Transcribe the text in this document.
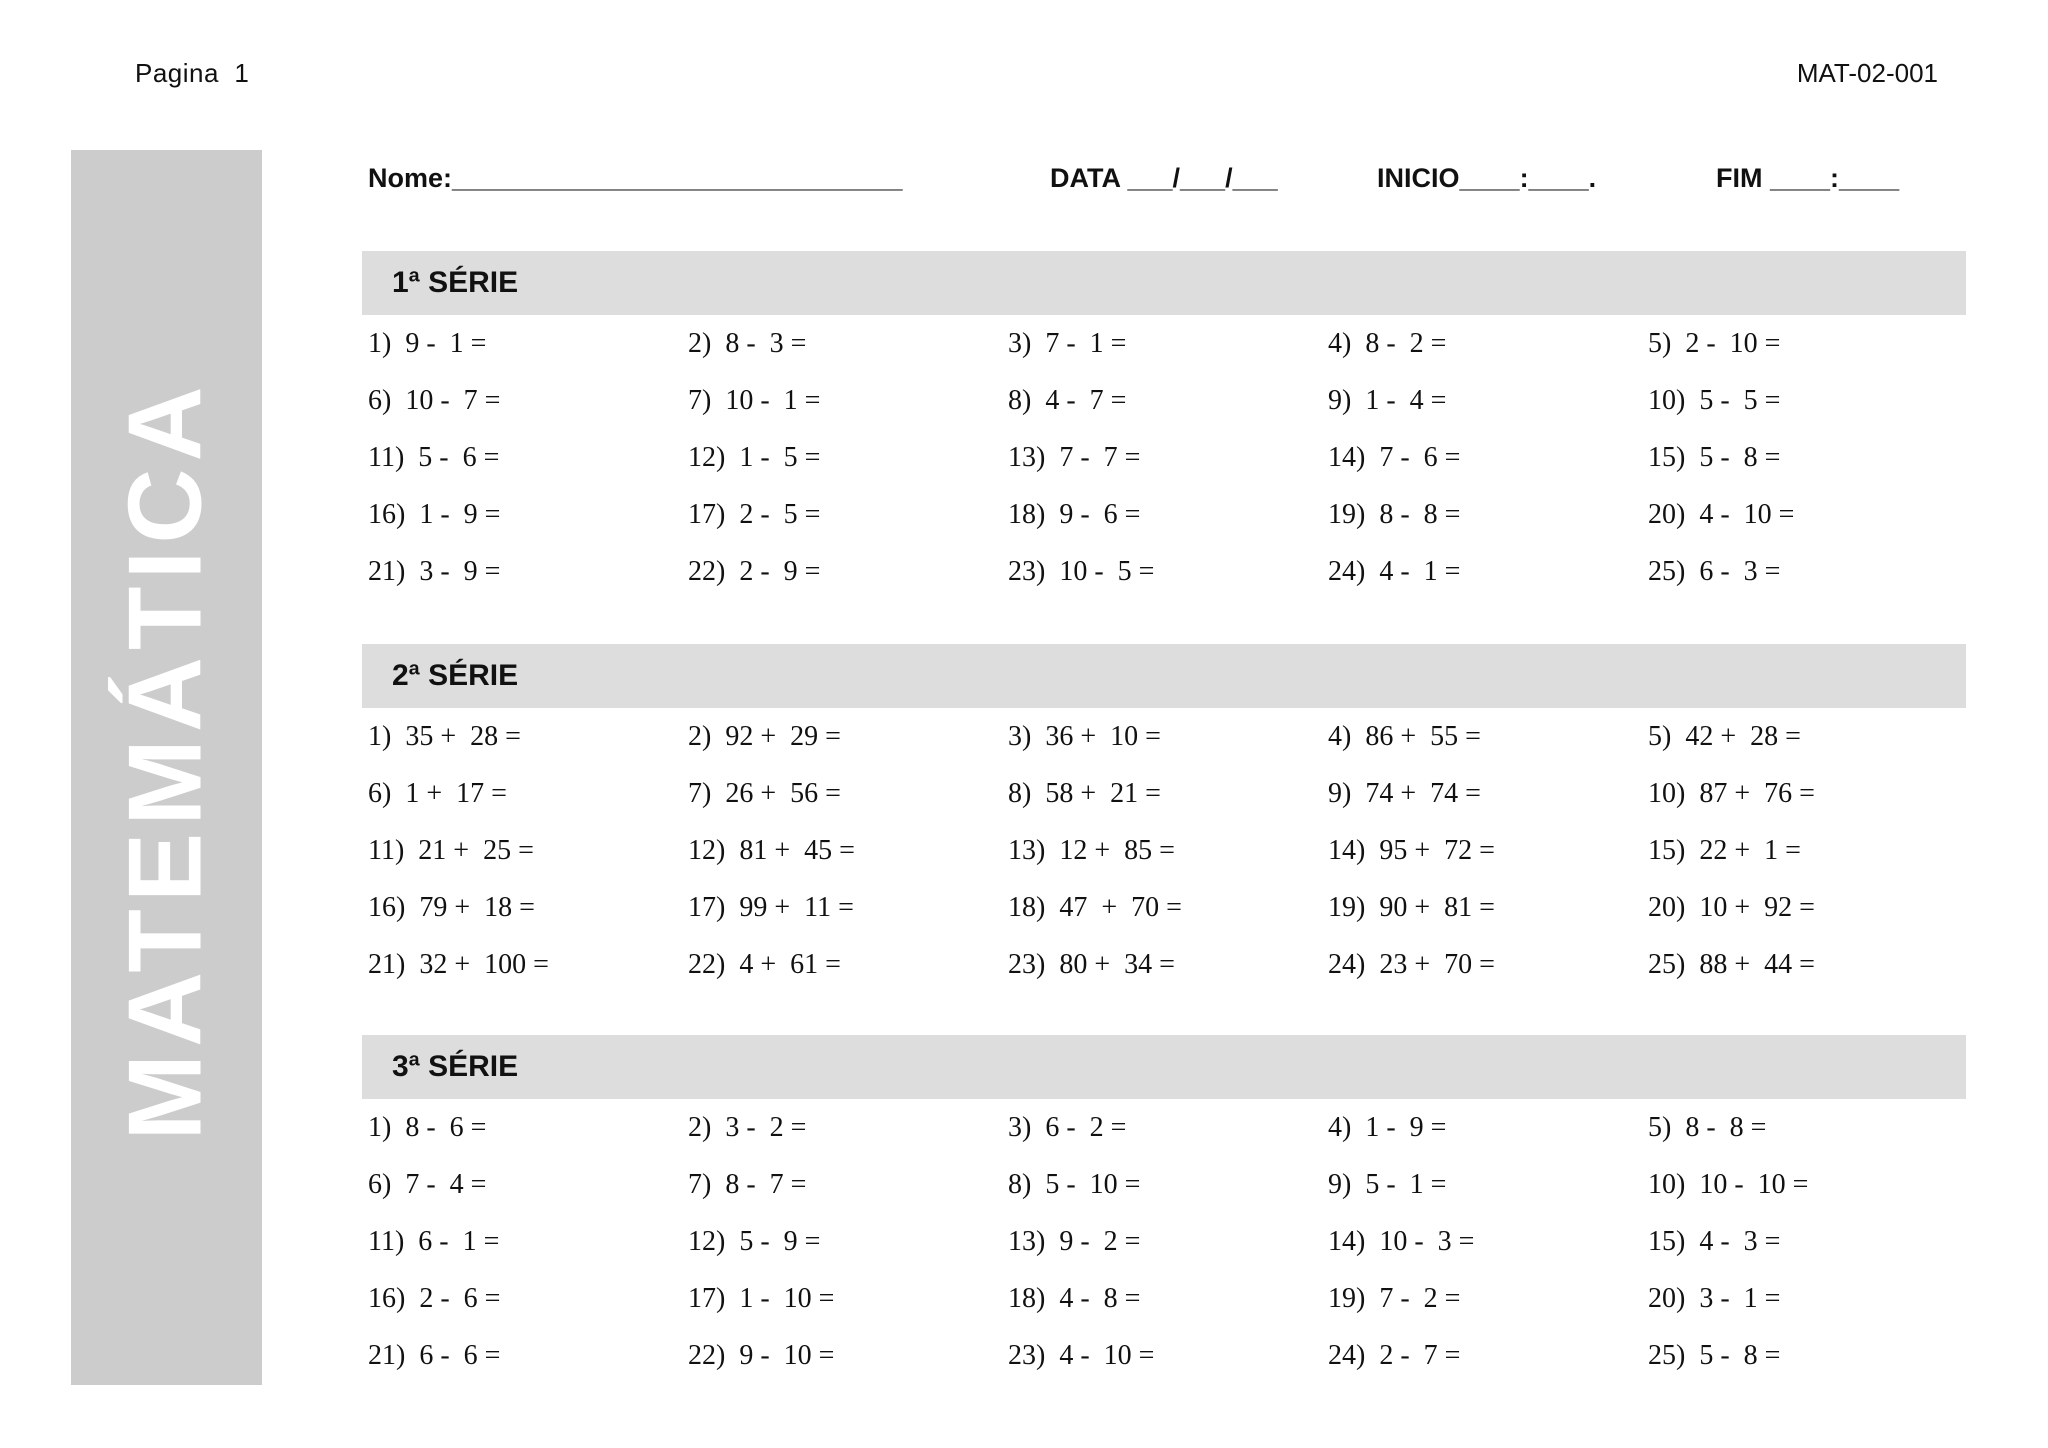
Pagina  1	MAT-02-001
MATEMÁTICA
Nome:______________________________	DATA ___/___/___	INICIO____:____.	FIM ____:____
1ª SÉRIE
1)  9 -  1 =	2)  8 -  3 =	3)  7 -  1 =	4)  8 -  2 =	5)  2 -  10 =
6)  10 -  7 =	7)  10 -  1 =	8)  4 -  7 =	9)  1 -  4 =	10)  5 -  5 =
11)  5 -  6 =	12)  1 -  5 =	13)  7 -  7 =	14)  7 -  6 =	15)  5 -  8 =
16)  1 -  9 =	17)  2 -  5 =	18)  9 -  6 =	19)  8 -  8 =	20)  4 -  10 =
21)  3 -  9 =	22)  2 -  9 =	23)  10 -  5 =	24)  4 -  1 =	25)  6 -  3 =
2ª SÉRIE
1)  35 +  28 =	2)  92 +  29 =	3)  36 +  10 =	4)  86 +  55 =	5)  42 +  28 =
6)  1 +  17 =	7)  26 +  56 =	8)  58 +  21 =	9)  74 +  74 =	10)  87 +  76 =
11)  21 +  25 =	12)  81 +  45 =	13)  12 +  85 =	14)  95 +  72 =	15)  22 +  1 =
16)  79 +  18 =	17)  99 +  11 =	18)  47  +  70 =	19)  90 +  81 =	20)  10 +  92 =
21)  32 +  100 =	22)  4 +  61 =	23)  80 +  34 =	24)  23 +  70 =	25)  88 +  44 =
3ª SÉRIE
1)  8 -  6 =	2)  3 -  2 =	3)  6 -  2 =	4)  1 -  9 =	5)  8 -  8 =
6)  7 -  4 =	7)  8 -  7 =	8)  5 -  10 =	9)  5 -  1 =	10)  10 -  10 =
11)  6 -  1 =	12)  5 -  9 =	13)  9 -  2 =	14)  10 -  3 =	15)  4 -  3 =
16)  2 -  6 =	17)  1 -  10 =	18)  4 -  8 =	19)  7 -  2 =	20)  3 -  1 =
21)  6 -  6 =	22)  9 -  10 =	23)  4 -  10 =	24)  2 -  7 =	25)  5 -  8 =
